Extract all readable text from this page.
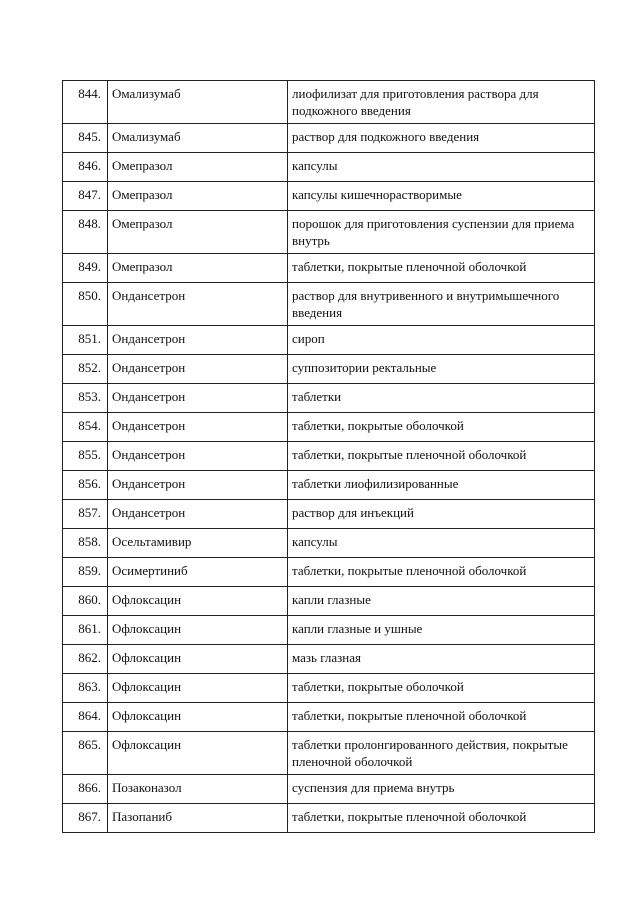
844.	Омализумаб	лиофилизат для приготовления раствора для подкожного введения
845.	Омализумаб	раствор для подкожного введения
846.	Омепразол	капсулы
847.	Омепразол	капсулы кишечнорастворимые
848.	Омепразол	порошок для приготовления суспензии для приема внутрь
849.	Омепразол	таблетки, покрытые пленочной оболочкой
850.	Ондансетрон	раствор для внутривенного и внутримышечного введения
851.	Ондансетрон	сироп
852.	Ондансетрон	суппозитории ректальные
853.	Ондансетрон	таблетки
854.	Ондансетрон	таблетки, покрытые оболочкой
855.	Ондансетрон	таблетки, покрытые пленочной оболочкой
856.	Ондансетрон	таблетки лиофилизированные
857.	Ондансетрон	раствор для инъекций
858.	Осельтамивир	капсулы
859.	Осимертиниб	таблетки, покрытые пленочной оболочкой
860.	Офлоксацин	капли глазные
861.	Офлоксацин	капли глазные и ушные
862.	Офлоксацин	мазь глазная
863.	Офлоксацин	таблетки, покрытые оболочкой
864.	Офлоксацин	таблетки, покрытые пленочной оболочкой
865.	Офлоксацин	таблетки пролонгированного действия, покрытые пленочной оболочкой
866.	Позаконазол	суспензия для приема внутрь
867.	Пазопаниб	таблетки, покрытые пленочной оболочкой
